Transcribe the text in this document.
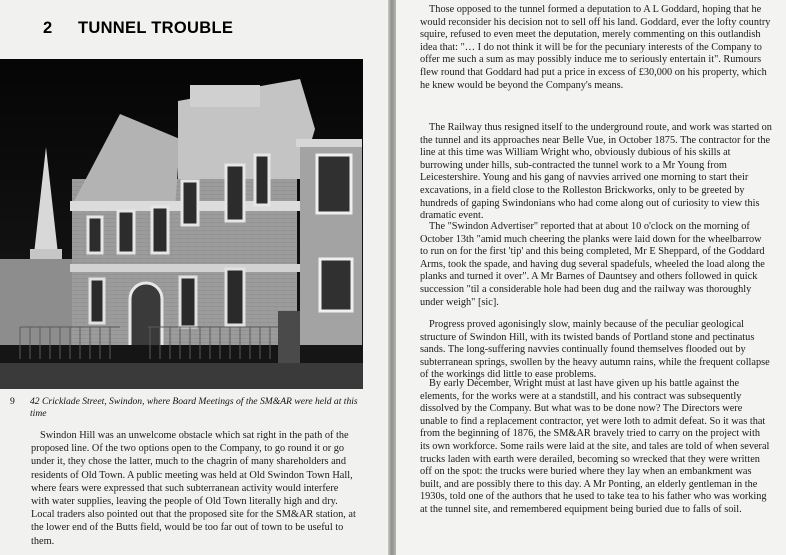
2 TUNNEL TROUBLE
9 42 Cricklade Street, Swindon, where Board Meetings of the SM&AR were held at this time

Swindon Hill was an unwelcome obstacle which sat right in the path of the proposed line. Of the two options open to the Company, to go round it or go under it, they chose the latter, much to the chagrin of many shareholders and residents of Old Town. A public meeting was held at Old Swindon Town Hall, where fears were expressed that such subterranean activity would interfere with water supplies, leaving the people of Old Town literally high and dry. Local traders also pointed out that the proposed site for the SM&AR station, at the lower end of the Butts field, would be too far out of town to be useful to them.

Those opposed to the tunnel formed a deputation to A L Goddard, hoping that he would reconsider his decision not to sell off his land. Goddard, ever the lofty country squire, refused to even meet the deputation, merely commenting on this outlandish idea that: "… I do not think it will be for the pecuniary interests of the Company to offer me such a sum as may possibly induce me to seriously entertain it". Rumours flew round that Goddard had put a price in excess of £30,000 on his property, which he knew would be beyond the Company's means.

The Railway thus resigned itself to the underground route, and work was started on the tunnel and its approaches near Belle Vue, in October 1875. The contractor for the line at this time was William Wright who, obviously dubious of his skills at burrowing under hills, sub-contracted the tunnel work to a Mr Young from Leicestershire. Young and his gang of navvies arrived one morning to start their excavations, in a field close to the Rolleston Brickworks, only to be greeted by hundreds of gaping Swindonians who had come along out of curiosity to view this dramatic event.

The "Swindon Advertiser" reported that at about 10 o'clock on the morning of October 13th "amid much cheering the planks were laid down for the wheelbarrow to run on for the first 'tip' and this being completed, Mr E Sheppard, of the Goddard Arms, took the spade, and having dug several spadefuls, wheeled the load along the planks and turned it over". A Mr Barnes of Dauntsey and others followed in quick succession "til a considerable hole had been dug and the railway was thoroughly under weigh" [sic].

Progress proved agonisingly slow, mainly because of the peculiar geological structure of Swindon Hill, with its twisted bands of Portland stone and pectinatus sands. The long-suffering navvies continually found themselves flooded out by subterranean springs, swollen by the heavy autumn rains, while the frequent collapse of the workings did little to ease problems.

By early December, Wright must at last have given up his battle against the elements, for the works were at a standstill, and his contract was subsequently dissolved by the Company. But what was to be done now? The Directors were unable to find a replacement contractor, yet were loth to admit defeat. So it was that from the beginning of 1876, the SM&AR bravely tried to carry on the project with its own workforce. Some rails were laid at the site, and tales are told of when several trucks laden with earth were derailed, becoming so wrecked that they were written off on the spot: the trucks were buried where they lay when an embankment was built, and are possibly there to this day. A Mr Ponting, an elderly gentleman in the 1930s, told one of the authors that he used to take tea to his father who was working at the tunnel site, and remembered equipment being buried due to falls of soil.
